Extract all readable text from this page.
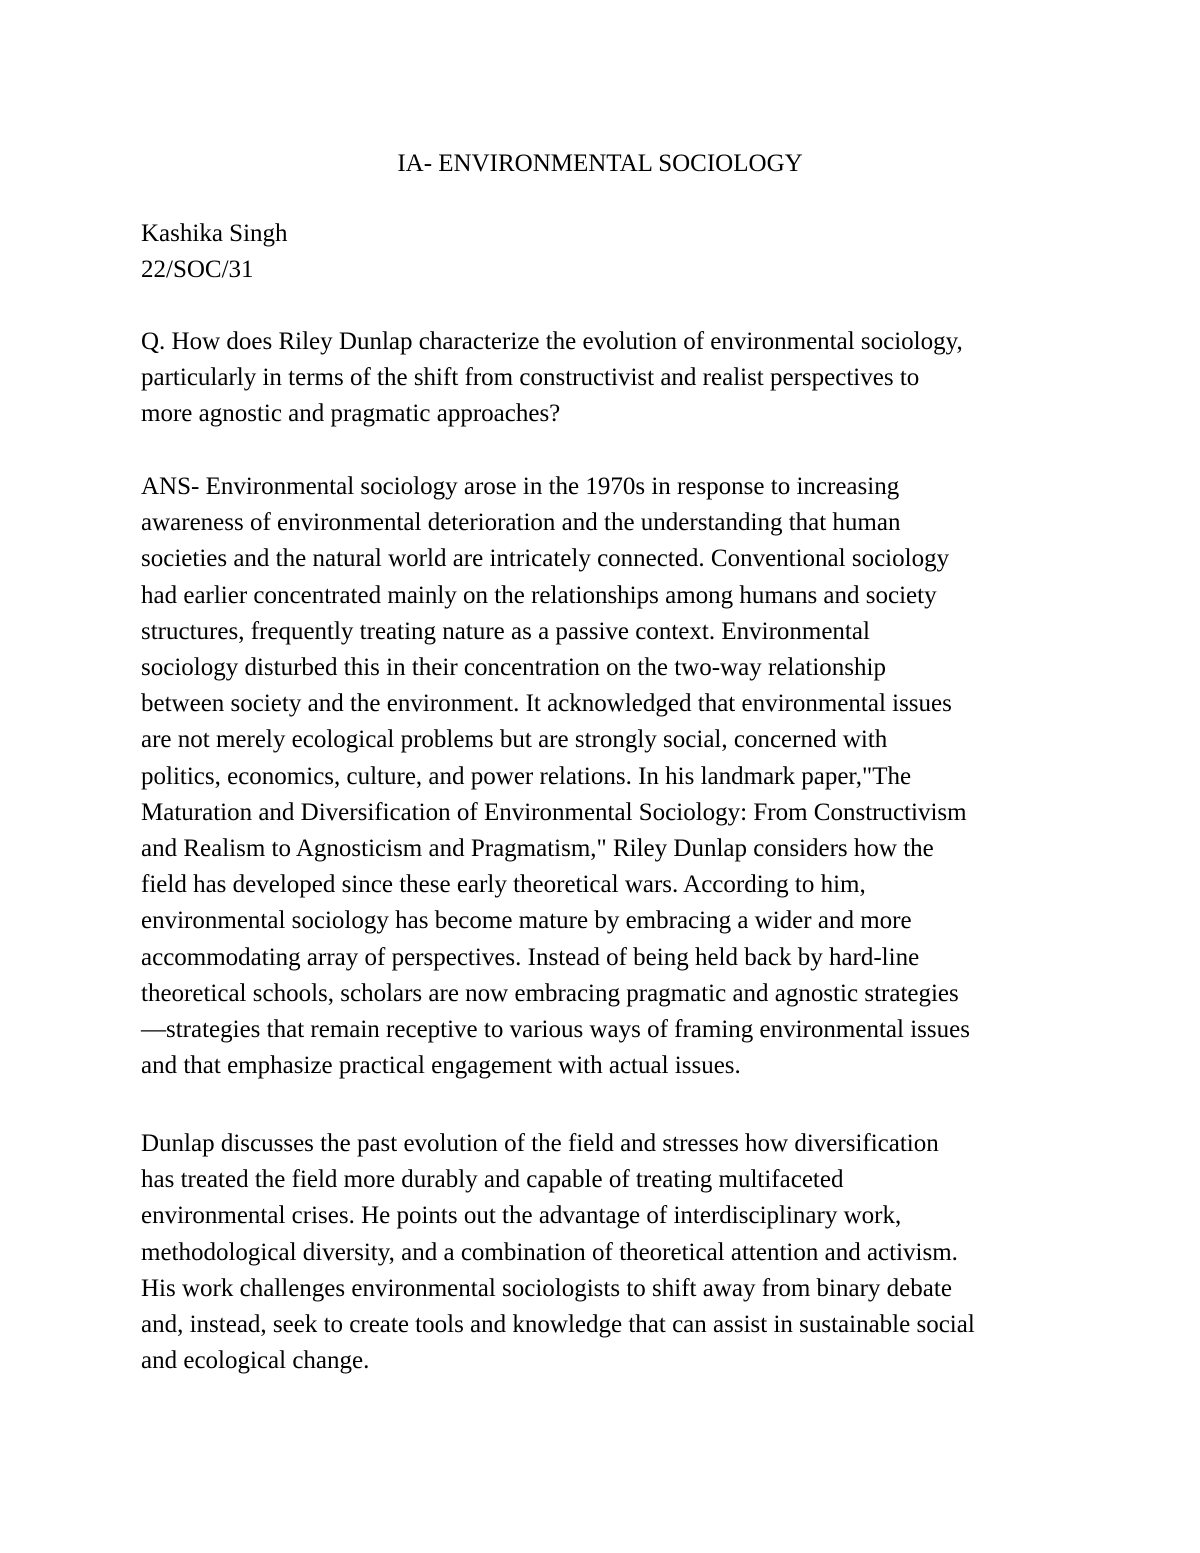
IA- ENVIRONMENTAL SOCIOLOGY
Kashika Singh
22/SOC/31
Q. How does Riley Dunlap characterize the evolution of environmental sociology,
particularly in terms of the shift from constructivist and realist perspectives to
more agnostic and pragmatic approaches?
ANS- Environmental sociology arose in the 1970s in response to increasing
awareness of environmental deterioration and the understanding that human
societies and the natural world are intricately connected. Conventional sociology
had earlier concentrated mainly on the relationships among humans and society
structures, frequently treating nature as a passive context. Environmental
sociology disturbed this in their concentration on the two-way relationship
between society and the environment. It acknowledged that environmental issues
are not merely ecological problems but are strongly social, concerned with
politics, economics, culture, and power relations. In his landmark paper,"The
Maturation and Diversification of Environmental Sociology: From Constructivism
and Realism to Agnosticism and Pragmatism," Riley Dunlap considers how the
field has developed since these early theoretical wars. According to him,
environmental sociology has become mature by embracing a wider and more
accommodating array of perspectives. Instead of being held back by hard-line
theoretical schools, scholars are now embracing pragmatic and agnostic strategies
—strategies that remain receptive to various ways of framing environmental issues
and that emphasize practical engagement with actual issues.
Dunlap discusses the past evolution of the field and stresses how diversification
has treated the field more durably and capable of treating multifaceted
environmental crises. He points out the advantage of interdisciplinary work,
methodological diversity, and a combination of theoretical attention and activism.
His work challenges environmental sociologists to shift away from binary debate
and, instead, seek to create tools and knowledge that can assist in sustainable social
and ecological change.
